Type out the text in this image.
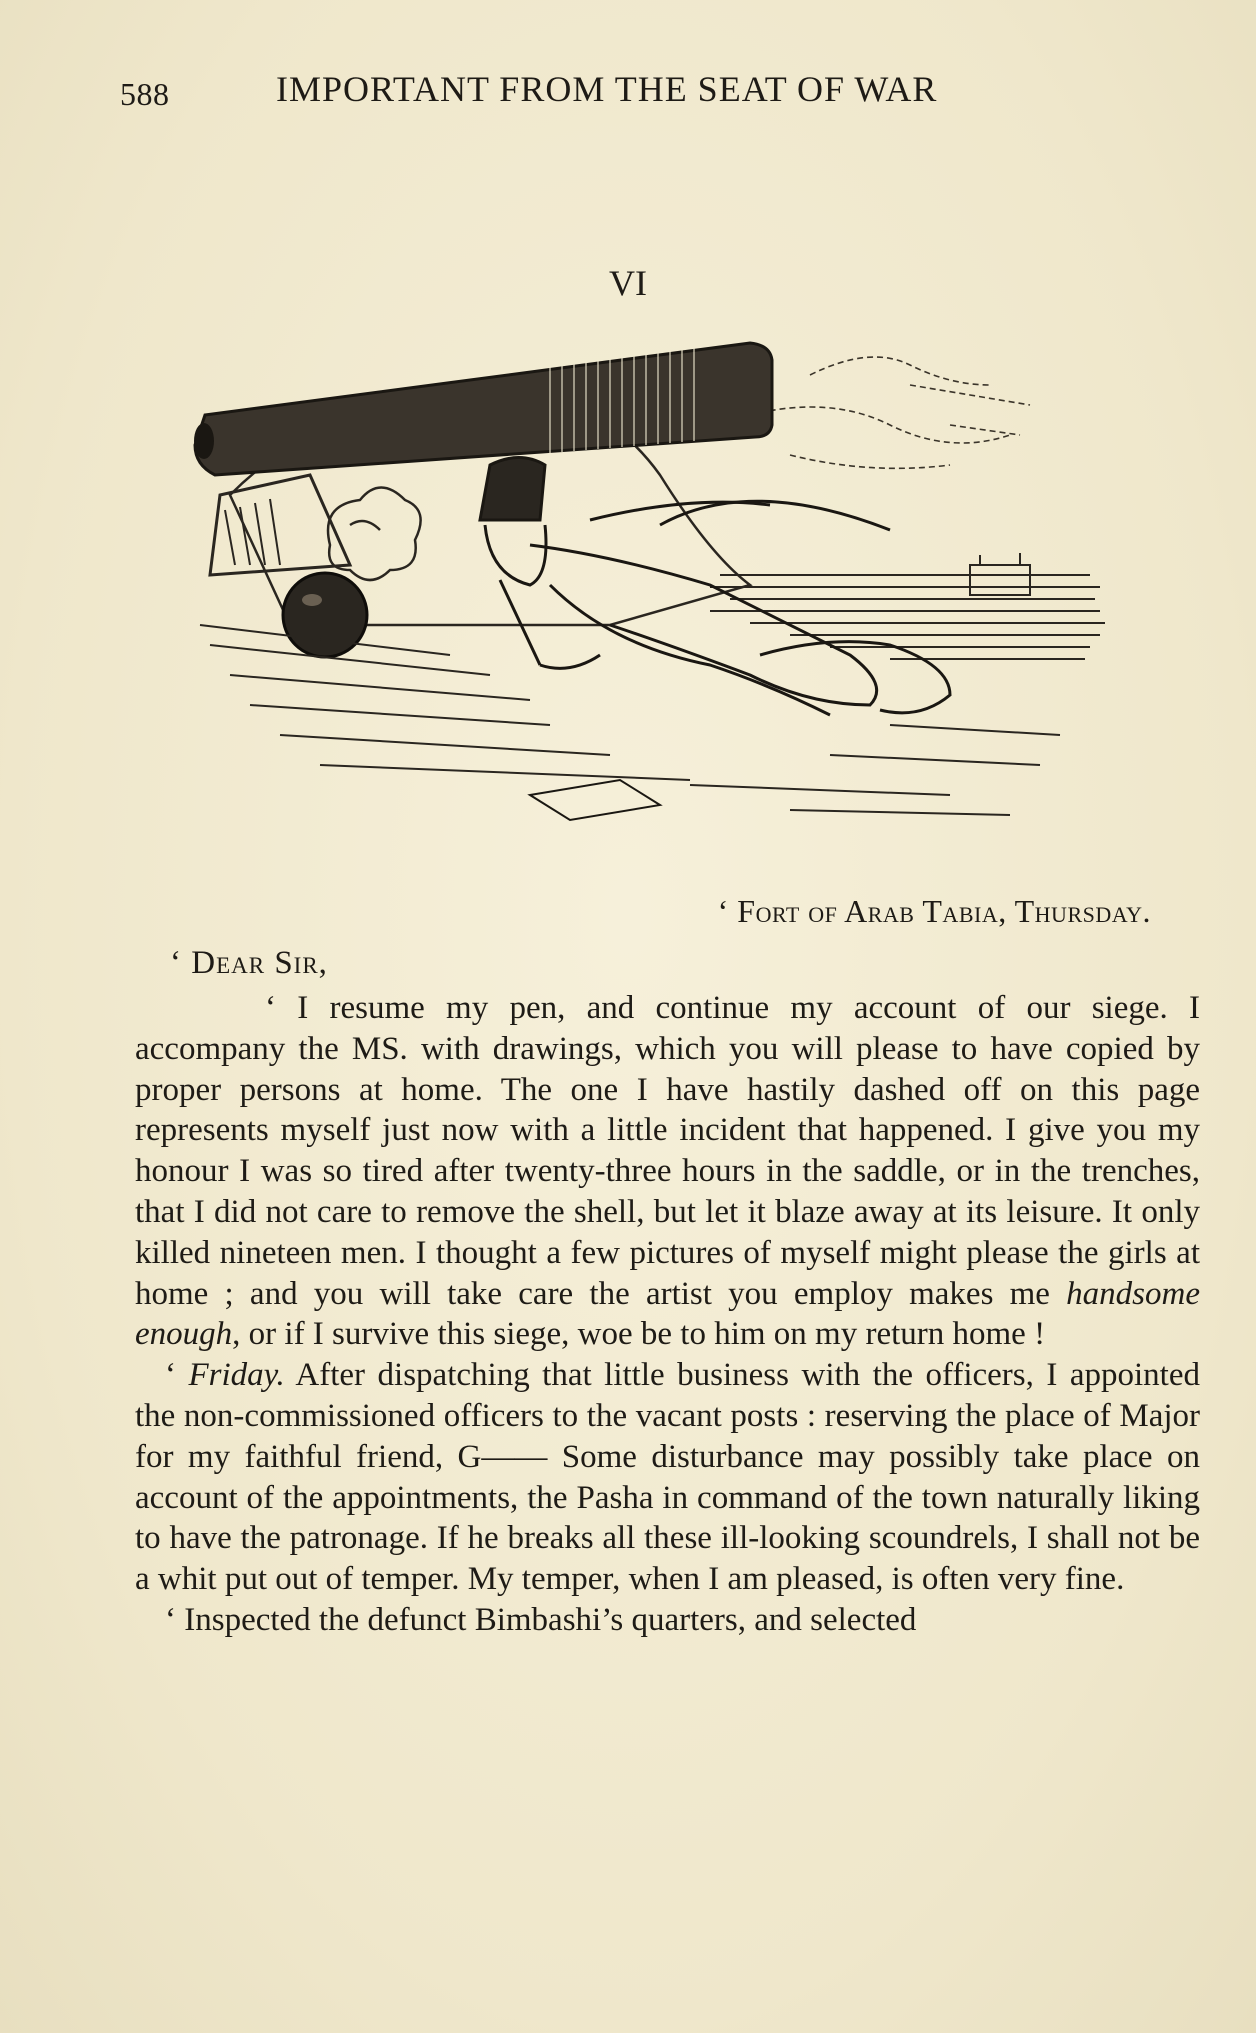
588	IMPORTANT FROM THE SEAT OF WAR
VI
‘ Fort of Arab Tabia, Thursday.
‘ Dear Sir,

‘ I resume my pen, and continue my account of our siege. I accompany the MS. with drawings, which you will please to have copied by proper persons at home. The one I have hastily dashed off on this page represents myself just now with a little incident that happened. I give you my honour I was so tired after twenty-three hours in the saddle, or in the trenches, that I did not care to remove the shell, but let it blaze away at its leisure. It only killed nineteen men. I thought a few pictures of myself might please the girls at home ; and you will take care the artist you employ makes me handsome enough, or if I survive this siege, woe be to him on my return home !

‘ Friday. After dispatching that little business with the officers, I appointed the non-commissioned officers to the vacant posts : reserving the place of Major for my faithful friend, G—— Some disturbance may possibly take place on account of the appointments, the Pasha in command of the town naturally liking to have the patronage. If he breaks all these ill-looking scoundrels, I shall not be a whit put out of temper. My temper, when I am pleased, is often very fine.

‘ Inspected the defunct Bimbashi’s quarters, and selected
